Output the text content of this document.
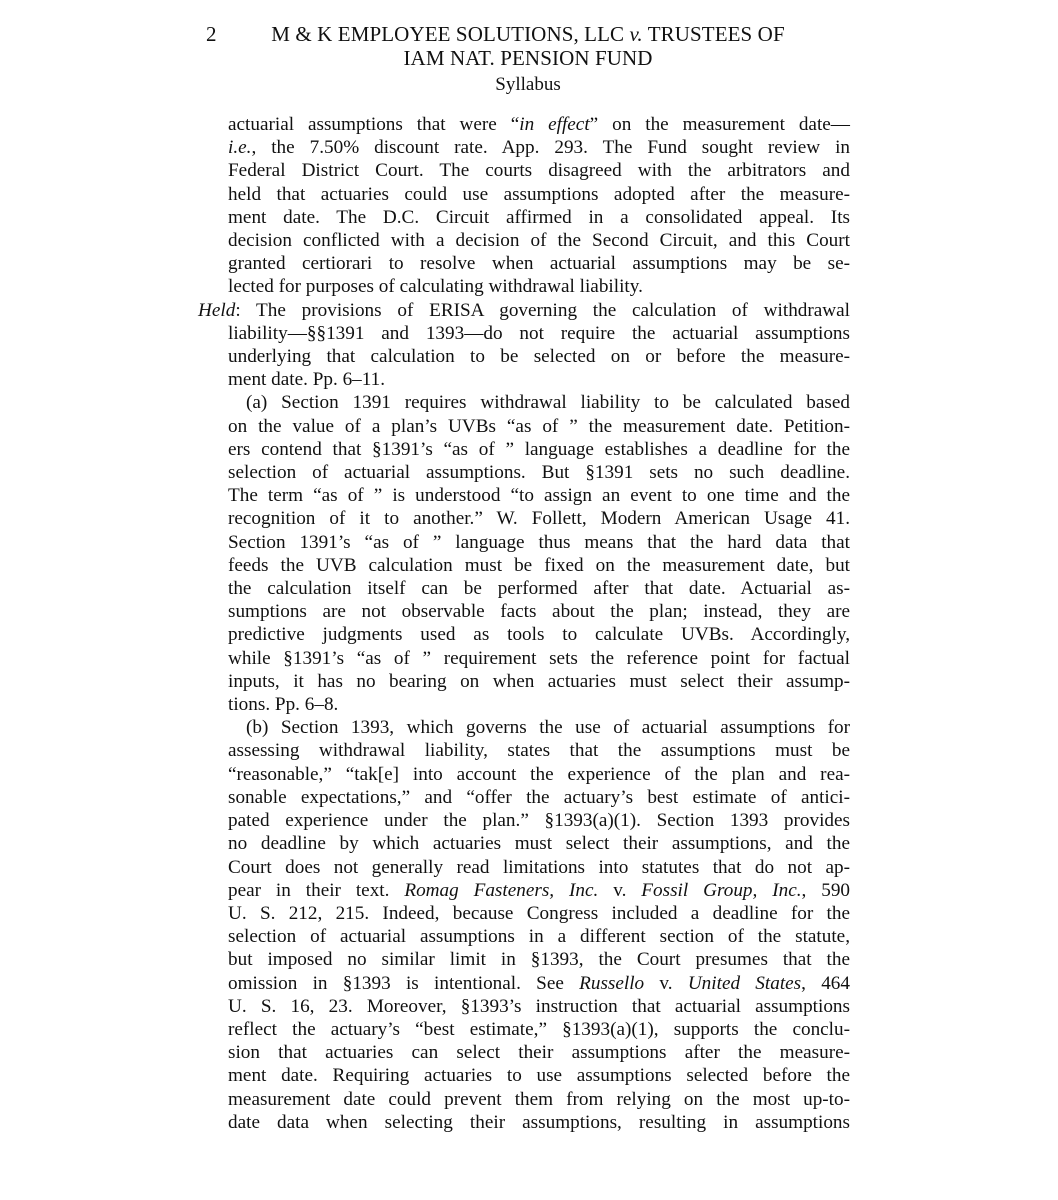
2	M & K EMPLOYEE SOLUTIONS, LLC v. TRUSTEES OF
IAM NAT. PENSION FUND
Syllabus
actuarial assumptions that were “in effect” on the measurement date—
i.e., the 7.50% discount rate. App. 293. The Fund sought review in
Federal District Court. The courts disagreed with the arbitrators and
held that actuaries could use assumptions adopted after the measure-
ment date. The D.C. Circuit affirmed in a consolidated appeal. Its
decision conflicted with a decision of the Second Circuit, and this Court
granted certiorari to resolve when actuarial assumptions may be se-
lected for purposes of calculating withdrawal liability.
Held: The provisions of ERISA governing the calculation of withdrawal
liability—§§1391 and 1393—do not require the actuarial assumptions
underlying that calculation to be selected on or before the measure-
ment date. Pp. 6–11.
(a) Section 1391 requires withdrawal liability to be calculated based
on the value of a plan’s UVBs “as of ” the measurement date. Petition-
ers contend that §1391’s “as of ” language establishes a deadline for the
selection of actuarial assumptions. But §1391 sets no such deadline.
The term “as of ” is understood “to assign an event to one time and the
recognition of it to another.” W. Follett, Modern American Usage 41.
Section 1391’s “as of ” language thus means that the hard data that
feeds the UVB calculation must be fixed on the measurement date, but
the calculation itself can be performed after that date. Actuarial as-
sumptions are not observable facts about the plan; instead, they are
predictive judgments used as tools to calculate UVBs. Accordingly,
while §1391’s “as of ” requirement sets the reference point for factual
inputs, it has no bearing on when actuaries must select their assump-
tions. Pp. 6–8.
(b) Section 1393, which governs the use of actuarial assumptions for
assessing withdrawal liability, states that the assumptions must be
“reasonable,” “tak[e] into account the experience of the plan and rea-
sonable expectations,” and “offer the actuary’s best estimate of antici-
pated experience under the plan.” §1393(a)(1). Section 1393 provides
no deadline by which actuaries must select their assumptions, and the
Court does not generally read limitations into statutes that do not ap-
pear in their text. Romag Fasteners, Inc. v. Fossil Group, Inc., 590
U. S. 212, 215. Indeed, because Congress included a deadline for the
selection of actuarial assumptions in a different section of the statute,
but imposed no similar limit in §1393, the Court presumes that the
omission in §1393 is intentional. See Russello v. United States, 464
U. S. 16, 23. Moreover, §1393’s instruction that actuarial assumptions
reflect the actuary’s “best estimate,” §1393(a)(1), supports the conclu-
sion that actuaries can select their assumptions after the measure-
ment date. Requiring actuaries to use assumptions selected before the
measurement date could prevent them from relying on the most up-to-
date data when selecting their assumptions, resulting in assumptions
